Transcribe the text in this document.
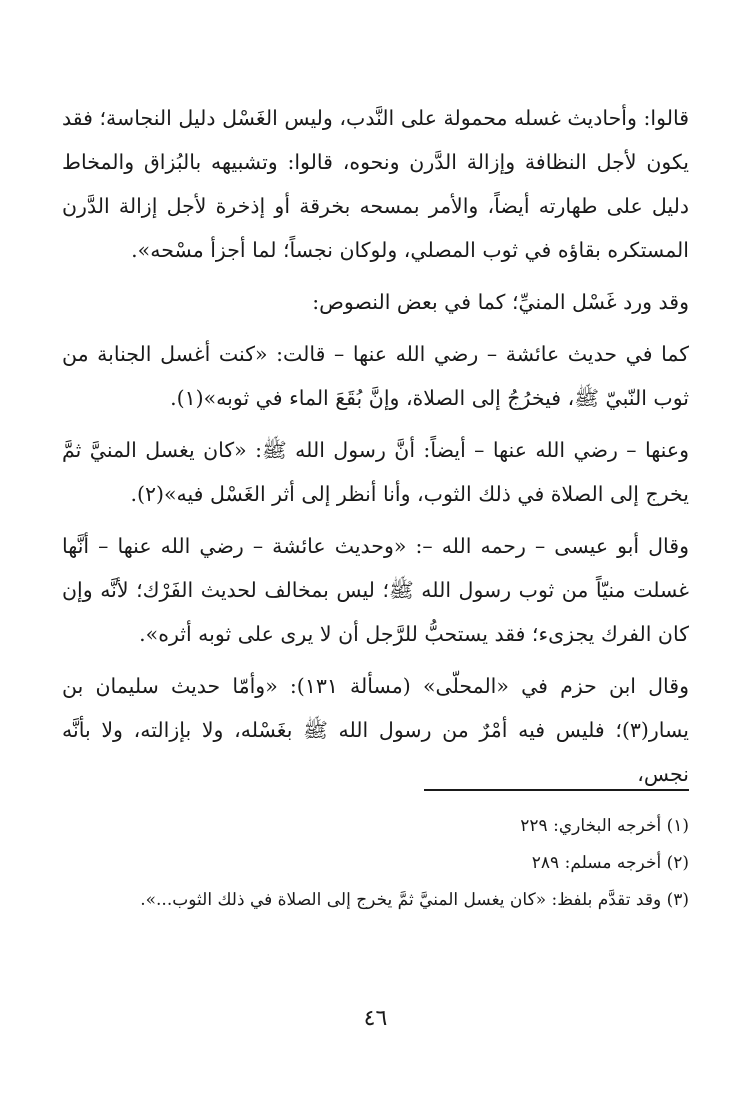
قالوا: وأحاديث غسله محمولة على النَّدب، وليس الغَسْل دليل النجاسة؛ فقد يكون لأجل النظافة وإزالة الدَّرن ونحوه، قالوا: وتشبيهه بالبُزاق والمخاط دليل على طهارته أيضاً، والأمر بمسحه بخرقة أو إذخرة لأجل إزالة الدَّرن المستكره بقاؤه في ثوب المصلي، ولوكان نجساً؛ لما أجزأ مسْحه».

وقد ورد غَسْل المنيِّ؛ كما في بعض النصوص:

كما في حديث عائشة – رضي الله عنها – قالت: «كنت أغسل الجنابة من ثوب النّبيّ ﷺ، فيخرُجُ إلى الصلاة، وإنَّ بُقَعَ الماء في ثوبه»(١).

وعنها – رضي الله عنها – أيضاً: أنَّ رسول الله ﷺ: «كان يغسل المنيَّ ثمَّ يخرج إلى الصلاة في ذلك الثوب، وأنا أنظر إلى أثر الغَسْل فيه»(٢).

وقال أبو عيسى – رحمه الله –: «وحديث عائشة – رضي الله عنها – أنَّها غسلت منيّاً من ثوب رسول الله ﷺ؛ ليس بمخالف لحديث الفَرْك؛ لأنَّه وإن كان الفرك يجزىء؛ فقد يستحبُّ للرَّجل أن لا يرى على ثوبه أثره».

وقال ابن حزم في «المحلّى» (مسألة ١٣١): «وأمّا حديث سليمان بن يسار(٣)؛ فليس فيه أمْرٌ من رسول الله ﷺ بغَسْله، ولا بإزالته، ولا بأنَّه نجس،

(١) أخرجه البخاري: ٢٢٩

(٢) أخرجه مسلم: ٢٨٩

(٣) وقد تقدَّم بلفظ: «كان يغسل المنيَّ ثمَّ يخرج إلى الصلاة في ذلك الثوب...».

٤٦
